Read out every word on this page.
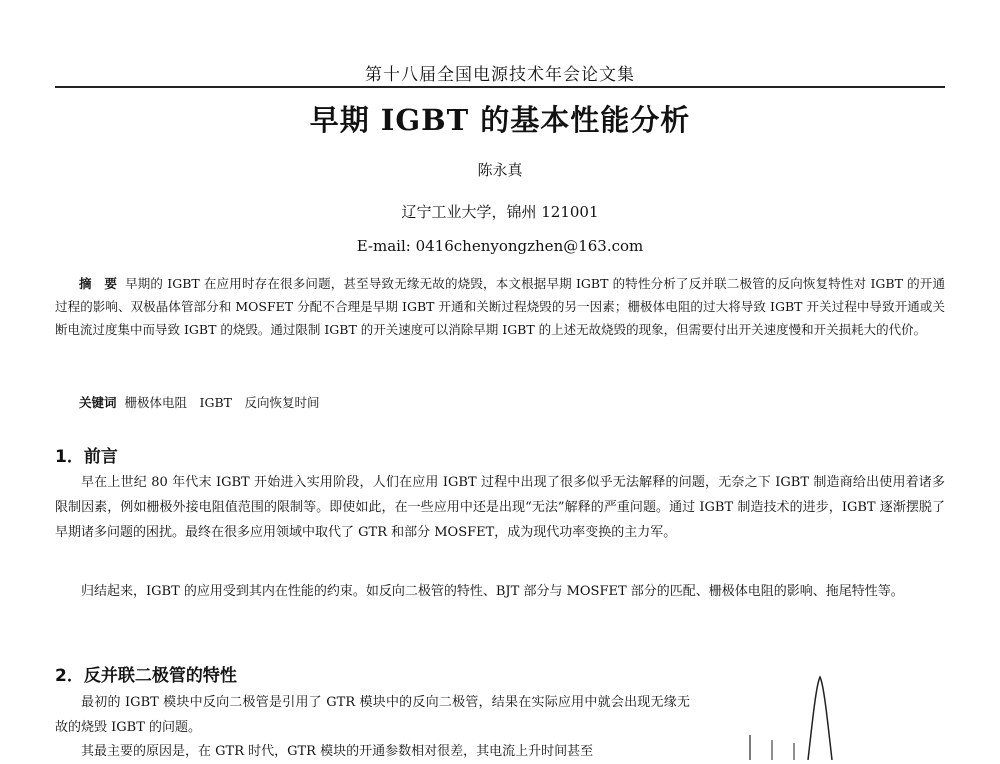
第十八届全国电源技术年会论文集
早期 IGBT 的基本性能分析
陈永真
辽宁工业大学，锦州 121001
E-mail: 0416chenyongzhen@163.com
摘　要 早期的 IGBT 在应用时存在很多问题，甚至导致无缘无故的烧毁，本文根据早期 IGBT 的特性分析了反并联二极管的反向恢复特性对 IGBT 的开通过程的影响、双极晶体管部分和 MOSFET 分配不合理是早期 IGBT 开通和关断过程烧毁的另一因素；栅极体电阻的过大将导致 IGBT 开关过程中导致开通或关断电流过度集中而导致 IGBT 的烧毁。通过限制 IGBT 的开关速度可以消除早期 IGBT 的上述无故烧毁的现象，但需要付出开关速度慢和开关损耗大的代价。
关键词 栅极体电阻　IGBT　反向恢复时间
1．前言
早在上世纪 80 年代末 IGBT 开始进入实用阶段，人们在应用 IGBT 过程中出现了很多似乎无法解释的问题，无奈之下 IGBT 制造商给出使用着诸多限制因素，例如栅极外接电阻值范围的限制等。即使如此，在一些应用中还是出现“无法”解释的严重问题。通过 IGBT 制造技术的进步，IGBT 逐渐摆脱了早期诸多问题的困扰。最终在很多应用领域中取代了 GTR 和部分 MOSFET，成为现代功率变换的主力军。
归结起来，IGBT 的应用受到其内在性能的约束。如反向二极管的特性、BJT 部分与 MOSFET 部分的匹配、栅极体电阻的影响、拖尾特性等。
2．反并联二极管的特性
最初的 IGBT 模块中反向二极管是引用了 GTR 模块中的反向二极管，结果在实际应用中就会出现无缘无故的烧毁 IGBT 的问题。
其最主要的原因是，在 GTR 时代，GTR 模块的开通参数相对很差，其电流上升时间甚至
